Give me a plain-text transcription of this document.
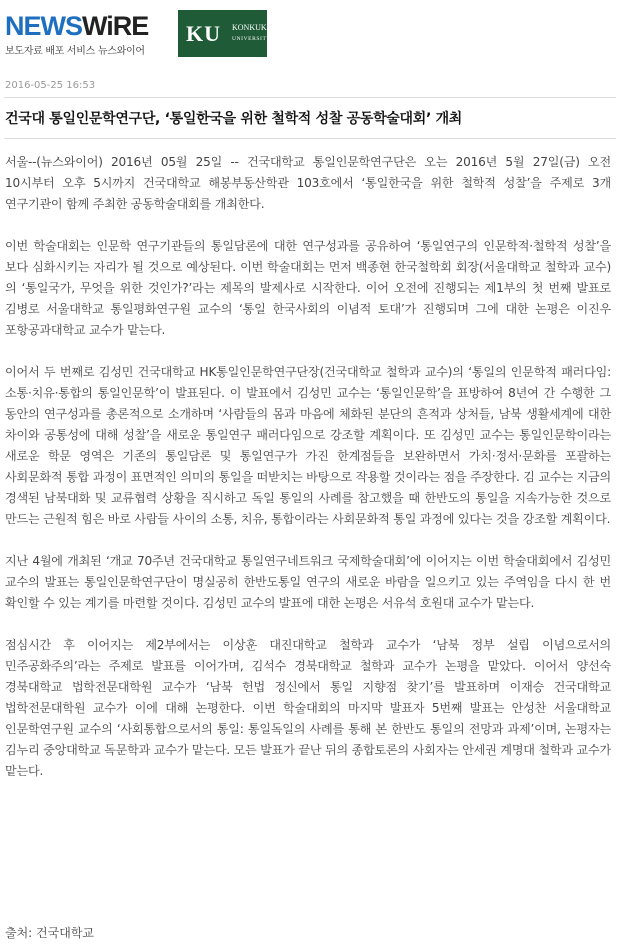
NEWSWiRE
보도자료 배포 서비스 뉴스와이어
KU KONKUK
UNIVERSITY
2016-05-25 16:53
건국대 통일인문학연구단, ‘통일한국을 위한 철학적 성찰 공동학술대회’ 개최

서울--(뉴스와이어) 2016년 05월 25일 -- 건국대학교 통일인문학연구단은 오는 2016년 5월 27일(금) 오전 10시부터 오후 5시까지 건국대학교 해봉부동산학관 103호에서 ‘통일한국을 위한 철학적 성찰’을 주제로 3개 연구기관이 함께 주최한 공동학술대회를 개최한다.

이번 학술대회는 인문학 연구기관들의 통일담론에 대한 연구성과를 공유하여 ‘통일연구의 인문학적·철학적 성찰’을 보다 심화시키는 자리가 될 것으로 예상된다. 이번 학술대회는 먼저 백종현 한국철학회 회장(서울대학교 철학과 교수)의 ‘통일국가, 무엇을 위한 것인가?’라는 제목의 발제사로 시작한다. 이어 오전에 진행되는 제1부의 첫 번째 발표로 김병로 서울대학교 통일평화연구원 교수의 ‘통일 한국사회의 이념적 토대’가 진행되며 그에 대한 논평은 이진우 포항공과대학교 교수가 맡는다.

이어서 두 번째로 김성민 건국대학교 HK통일인문학연구단장(건국대학교 철학과 교수)의 ‘통일의 인문학적 패러다임: 소통·치유·통합의 통일인문학’이 발표된다. 이 발표에서 김성민 교수는 ‘통일인문학’을 표방하여 8년여 간 수행한 그 동안의 연구성과를 총론적으로 소개하며 ‘사람들의 몸과 마음에 체화된 분단의 흔적과 상처들, 남북 생활세계에 대한 차이와 공통성에 대해 성찰’을 새로운 통일연구 패러다임으로 강조할 계획이다. 또 김성민 교수는 통일인문학이라는 새로운 학문 영역은 기존의 통일담론 및 통일연구가 가진 한계점들을 보완하면서 가치·정서·문화를 포괄하는 사회문화적 통합 과정이 표면적인 의미의 통일을 떠받치는 바탕으로 작용할 것이라는 점을 주장한다. 김 교수는 지금의 경색된 남북대화 및 교류협력 상황을 직시하고 독일 통일의 사례를 참고했을 때 한반도의 통일을 지속가능한 것으로 만드는 근원적 힘은 바로 사람들 사이의 소통, 치유, 통합이라는 사회문화적 통일 과정에 있다는 것을 강조할 계획이다.

지난 4월에 개최된 ‘개교 70주년 건국대학교 통일연구네트워크 국제학술대회’에 이어지는 이번 학술대회에서 김성민 교수의 발표는 통일인문학연구단이 명실공히 한반도통일 연구의 새로운 바람을 일으키고 있는 주역임을 다시 한 번 확인할 수 있는 계기를 마련할 것이다. 김성민 교수의 발표에 대한 논평은 서유석 호원대 교수가 맡는다.

점심시간 후 이어지는 제2부에서는 이상훈 대진대학교 철학과 교수가 ‘남북 정부 설립 이념으로서의 민주공화주의’라는 주제로 발표를 이어가며, 김석수 경북대학교 철학과 교수가 논평을 맡았다. 이어서 양선숙 경북대학교 법학전문대학원 교수가 ‘남북 헌법 정신에서 통일 지향점 찾기’를 발표하며 이재승 건국대학교 법학전문대학원 교수가 이에 대해 논평한다. 이번 학술대회의 마지막 발표자 5번째 발표는 안성찬 서울대학교 인문학연구원 교수의 ‘사회통합으로서의 통일: 통일독일의 사례를 통해 본 한반도 통일의 전망과 과제’이며, 논평자는 김누리 중앙대학교 독문학과 교수가 맡는다. 모든 발표가 끝난 뒤의 종합토론의 사회자는 안세권 계명대 철학과 교수가 맡는다.

출처: 건국대학교
